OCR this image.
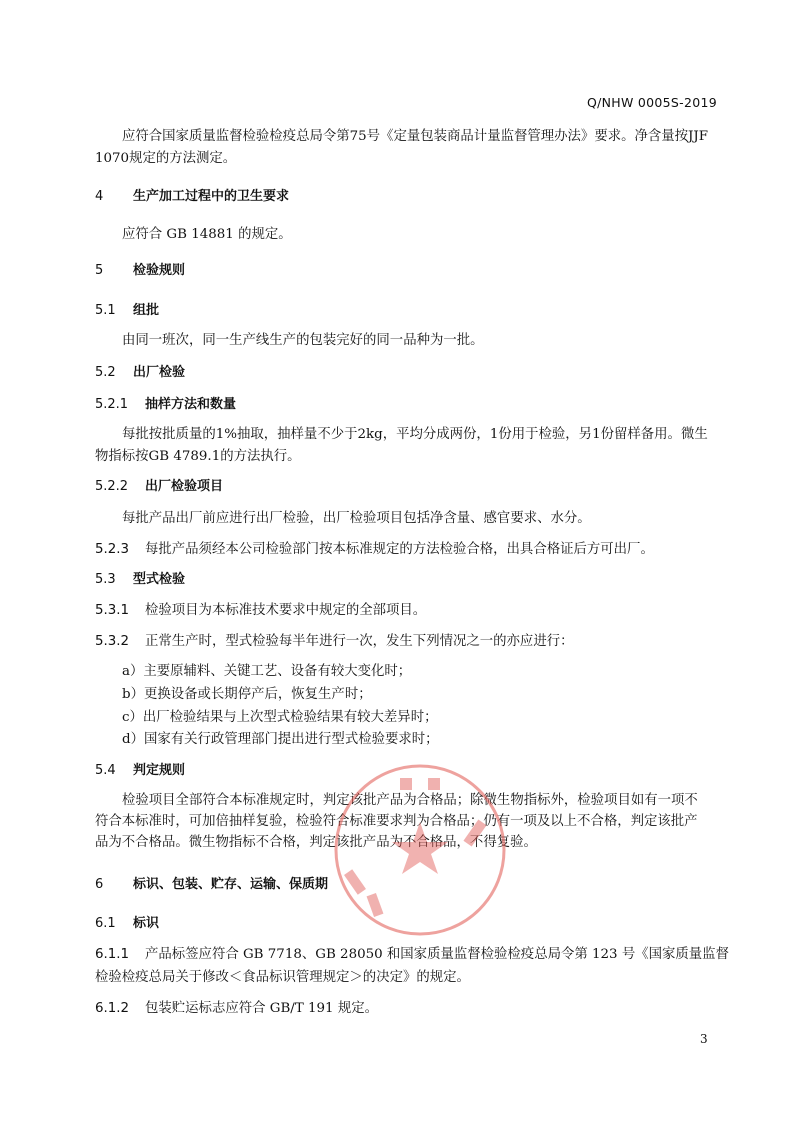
Q/NHW 0005S-2019
应符合国家质量监督检验检疫总局令第75号《定量包装商品计量监督管理办法》要求。净含量按JJF
1070规定的方法测定。
4 生产加工过程中的卫生要求
应符合 GB 14881 的规定。
5 检验规则
5.1 组批
由同一班次，同一生产线生产的包装完好的同一品种为一批。
5.2 出厂检验
5.2.1 抽样方法和数量
每批按批质量的1%抽取，抽样量不少于2kg，平均分成两份，1份用于检验，另1份留样备用。微生
物指标按GB 4789.1的方法执行。
5.2.2 出厂检验项目
每批产品出厂前应进行出厂检验，出厂检验项目包括净含量、感官要求、水分。
5.2.3 每批产品须经本公司检验部门按本标准规定的方法检验合格，出具合格证后方可出厂。
5.3 型式检验
5.3.1 检验项目为本标准技术要求中规定的全部项目。
5.3.2 正常生产时，型式检验每半年进行一次，发生下列情况之一的亦应进行：
a）主要原辅料、关键工艺、设备有较大变化时；
b）更换设备或长期停产后，恢复生产时；
c）出厂检验结果与上次型式检验结果有较大差异时；
d）国家有关行政管理部门提出进行型式检验要求时；
5.4 判定规则
检验项目全部符合本标准规定时，判定该批产品为合格品；除微生物指标外，检验项目如有一项不
符合本标准时，可加倍抽样复验，检验符合标准要求判为合格品；仍有一项及以上不合格，判定该批产
品为不合格品。微生物指标不合格，判定该批产品为不合格品，不得复验。
6 标识、包装、贮存、运输、保质期
6.1 标识
6.1.1 产品标签应符合 GB 7718、GB 28050 和国家质量监督检验检疫总局令第 123 号《国家质量监督
检验检疫总局关于修改＜食品标识管理规定＞的决定》的规定。
6.1.2 包装贮运标志应符合 GB/T 191 规定。
3
